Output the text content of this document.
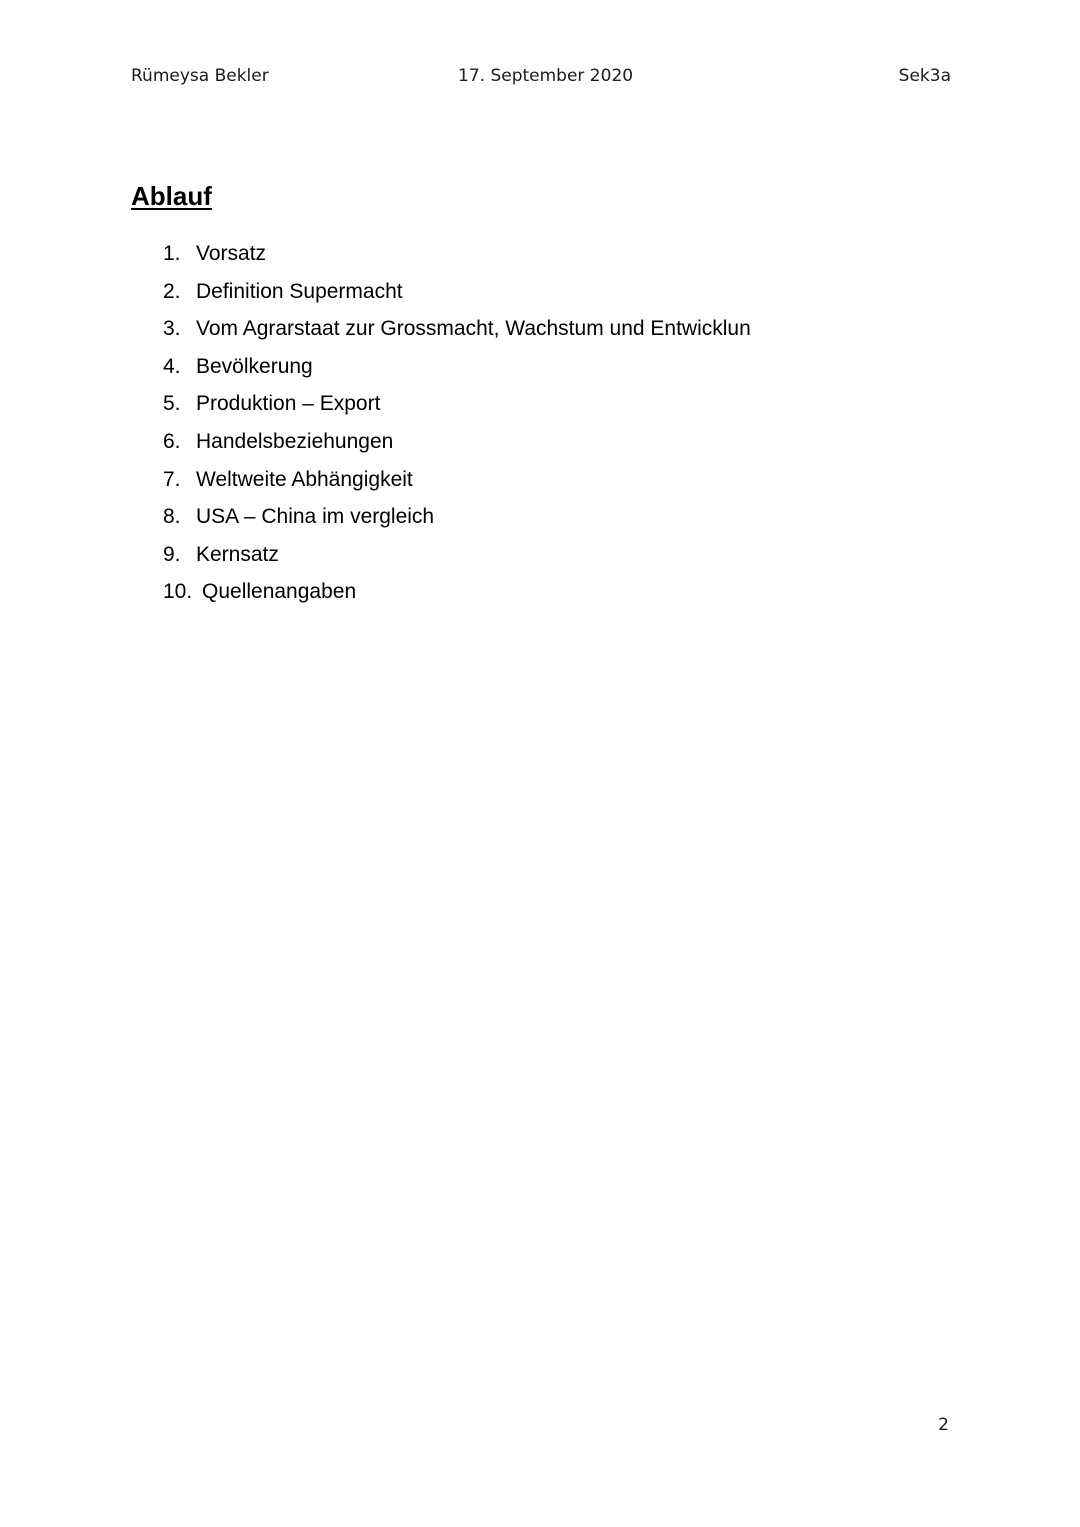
Rümeysa Bekler	17. September 2020	Sek3a
Ablauf
1. Vorsatz
2. Definition Supermacht
3. Vom Agrarstaat zur Grossmacht, Wachstum und Entwicklun
4. Bevölkerung
5. Produktion – Export
6. Handelsbeziehungen
7. Weltweite Abhängigkeit
8. USA – China im vergleich
9. Kernsatz
10. Quellenangaben
2
